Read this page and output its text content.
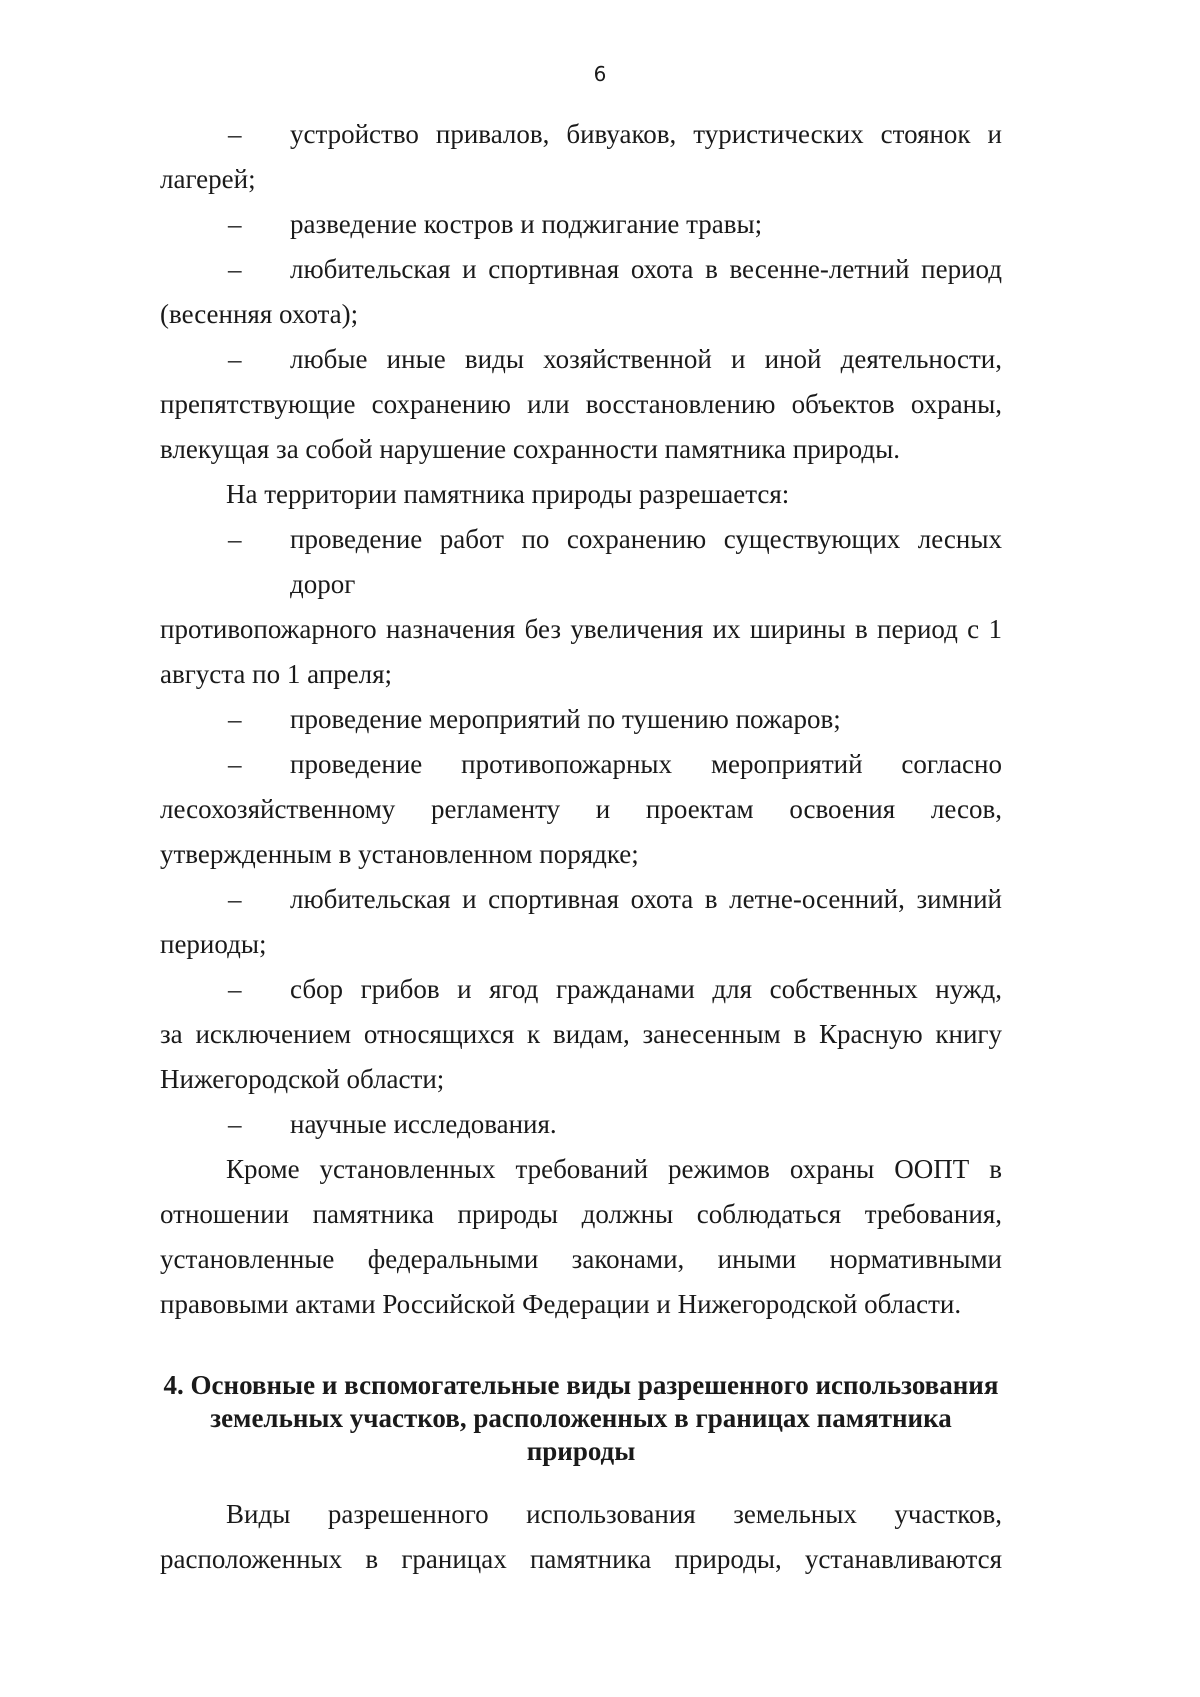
6
–	устройство привалов, бивуаков, туристических стоянок и

лагерей;

–	разведение костров и поджигание травы;
–	любительская и спортивная охота в весенне-летний период

(весенняя охота);

–	любые иные виды хозяйственной и иной деятельности,

препятствующие сохранению или восстановлению объектов охраны, влекущая за собой нарушение сохранности памятника природы.

На территории памятника природы разрешается:

–	проведение работ по сохранению существующих лесных дорог

противопожарного назначения без увеличения их ширины в период с 1 августа по 1 апреля;

–	проведение мероприятий по тушению пожаров;
–	проведение противопожарных мероприятий согласно

лесохозяйственному регламенту и проектам освоения лесов, утвержденным в установленном порядке;

–	любительская и спортивная охота в летне-осенний, зимний

периоды;

–	сбор грибов и ягод гражданами для собственных нужд,

за исключением относящихся к видам, занесенным в Красную книгу Нижегородской области;

–	научные исследования.

Кроме установленных требований режимов охраны ООПТ в отношении памятника природы должны соблюдаться требования, установленные федеральными законами, иными нормативными правовыми актами Российской Федерации и Нижегородской области.

4. Основные и вспомогательные виды разрешенного использования
земельных участков, расположенных в границах памятника природы

Виды разрешенного использования земельных участков, расположенных в границах памятника природы, устанавливаются
